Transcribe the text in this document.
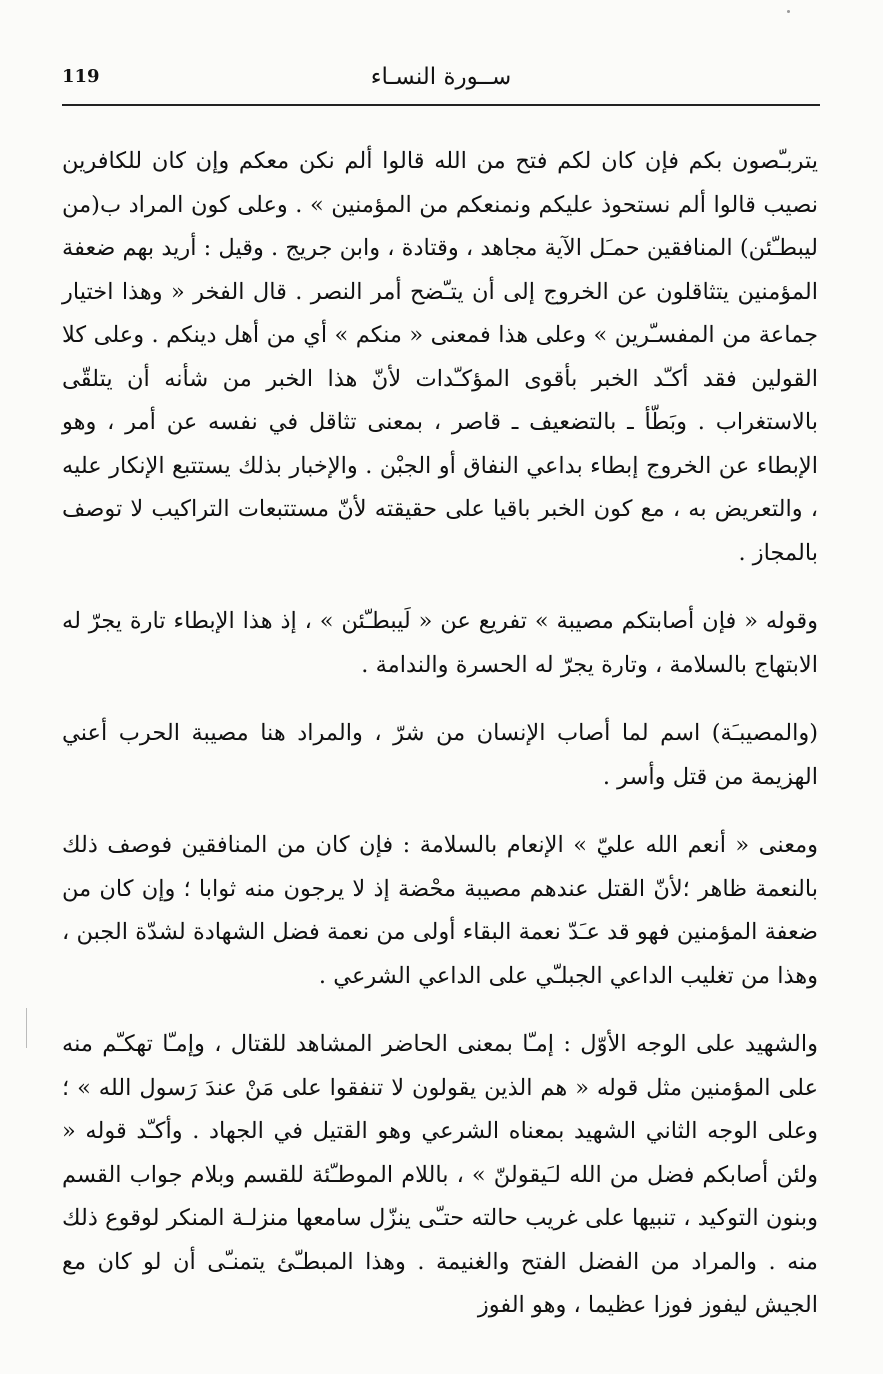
119	ســورة النسـاء

يتربـّصون بكم فإن كان لكم فتح من الله قالوا ألم نكن معكم وإن كان للكافرين نصيب قالوا ألم نستحوذ عليكم ونمنعكم من المؤمنين » . وعلى كون المراد ب(من ليبطـّئن) المنافقين حمـَل الآية مجاهد ، وقتادة ، وابن جريج . وقيل : أريد بهم ضعفة المؤمنين يتثاقلون عن الخروج إلى أن يتـّضح أمر النصر . قال الفخر « وهذا اختيار جماعة من المفسـّرين » وعلى هذا فمعنى « منكم » أي من أهل دينكم . وعلى كلا القولين فقد أكـّد الخبر بأقوى المؤكـّدات لأنّ هذا الخبر من شأنه أن يتلقّى بالاستغراب . وبَطّأ ـ بالتضعيف ـ قاصر ، بمعنى تثاقل في نفسه عن أمر ، وهو الإبطاء عن الخروج إبطاء بداعي النفاق أو الجبْن . والإخبار بذلك يستتبع الإنكار عليه ، والتعريض به ، مع كون الخبر باقيا على حقيقته لأنّ مستتبعات التراكيب لا توصف بالمجاز .

وقوله « فإن أصابتكم مصيبة » تفريع عن « لَيبطـّئن » ، إذ هذا الإبطاء تارة يجرّ له الابتهاج بالسلامة ، وتارة يجرّ له الحسرة والندامة .

(والمصيبـَة) اسم لما أصاب الإنسان من شرّ ، والمراد هنا مصيبة الحرب أعني الهزيمة من قتل وأسر .

ومعنى « أنعم الله عليّ » الإنعام بالسلامة : فإن كان من المنافقين فوصف ذلك بالنعمة ظاهر ؛لأنّ القتل عندهم مصيبة محْضة إذ لا يرجون منه ثوابا ؛ وإن كان من ضعفة المؤمنين فهو قد عـَدّ نعمة البقاء أولى من نعمة فضل الشهادة لشدّة الجبن ، وهذا من تغليب الداعي الجبلـّي على الداعي الشرعي .

والشهيد على الوجه الأوّل : إمـّا بمعنى الحاضر المشاهد للقتال ، وإمـّا تهكـّم منه على المؤمنين مثل قوله « هم الذين يقولون لا تنفقوا على مَنْ عندَ رَسول الله » ؛ وعلى الوجه الثاني الشهيد بمعناه الشرعي وهو القتيل في الجهاد . وأكـّد قوله « ولئن أصابكم فضل من الله لـَيقولنّ » ، باللام الموطـّئة للقسم وبلام جواب القسم وبنون التوكيد ، تنبيها على غريب حالته حتـّى ينزّل سامعها منزلـة المنكر لوقوع ذلك منه . والمراد من الفضل الفتح والغنيمة . وهذا المبطـّئ يتمنـّى أن لو كان مع الجيش ليفوز فوزا عظيما ، وهو الفوز
